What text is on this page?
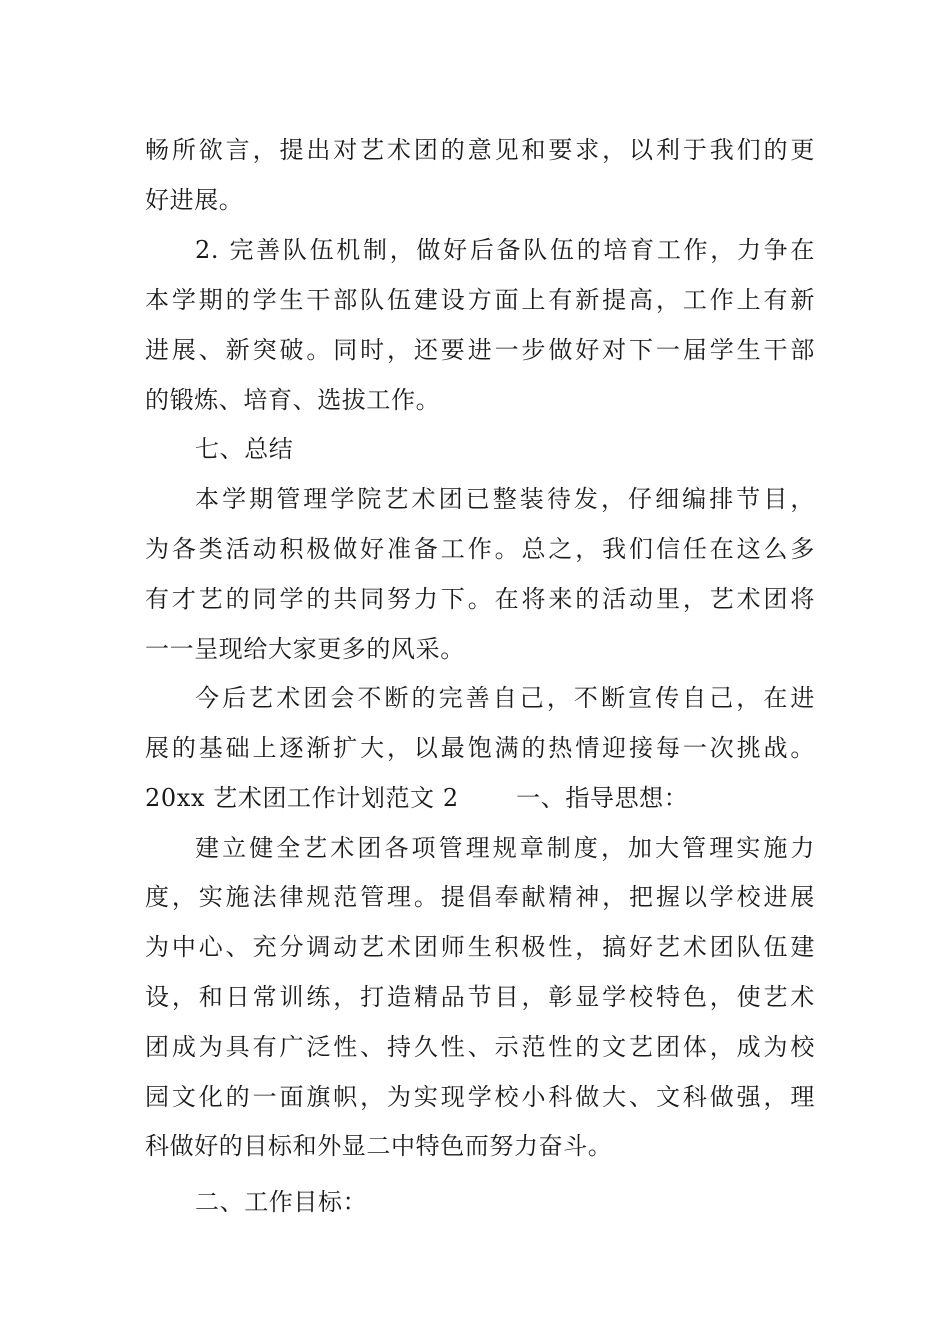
畅所欲言，提出对艺术团的意见和要求，以利于我们的更
好进展。
2. 完善队伍机制，做好后备队伍的培育工作，力争在
本学期的学生干部队伍建设方面上有新提高，工作上有新
进展、新突破。同时，还要进一步做好对下一届学生干部
的锻炼、培育、选拔工作。
七、总结
本学期管理学院艺术团已整装待发，仔细编排节目，
为各类活动积极做好准备工作。总之，我们信任在这么多
有才艺的同学的共同努力下。在将来的活动里，艺术团将
一一呈现给大家更多的风采。
今后艺术团会不断的完善自己，不断宣传自己，在进
展的基础上逐渐扩大，以最饱满的热情迎接每一次挑战。
20xx 艺术团工作计划范文 2　　 一、指导思想：
建立健全艺术团各项管理规章制度，加大管理实施力
度，实施法律规范管理。提倡奉献精神，把握以学校进展
为中心、充分调动艺术团师生积极性，搞好艺术团队伍建
设，和日常训练，打造精品节目，彰显学校特色，使艺术
团成为具有广泛性、持久性、示范性的文艺团体，成为校
园文化的一面旗帜，为实现学校小科做大、文科做强，理
科做好的目标和外显二中特色而努力奋斗。
二、工作目标：
